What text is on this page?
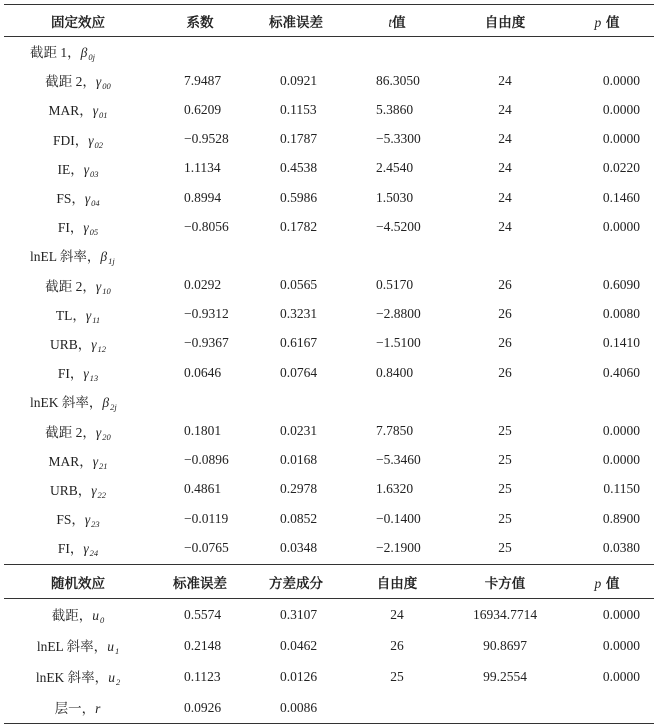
固定效应	系数	标准误差	t值	自由度	p 值
截距 1，$\beta_{0j}$					
截距 2，$\gamma_{00}$	7.9487	0.0921	86.3050	24	0.0000
MAR，$\gamma_{01}$	0.6209	0.1153	5.3860	24	0.0000
FDI，$\gamma_{02}$	−0.9528	0.1787	−5.3300	24	0.0000
IE，$\gamma_{03}$	1.1134	0.4538	2.4540	24	0.0220
FS，$\gamma_{04}$	0.8994	0.5986	1.5030	24	0.1460
FI，$\gamma_{05}$	−0.8056	0.1782	−4.5200	24	0.0000
lnEL 斜率，$\beta_{1j}$					
截距 2，$\gamma_{10}$	0.0292	0.0565	0.5170	26	0.6090
TL，$\gamma_{11}$	−0.9312	0.3231	−2.8800	26	0.0080
URB，$\gamma_{12}$	−0.9367	0.6167	−1.5100	26	0.1410
FI，$\gamma_{13}$	0.0646	0.0764	0.8400	26	0.4060
lnEK 斜率，$\beta_{2j}$					
截距 2，$\gamma_{20}$	0.1801	0.0231	7.7850	25	0.0000
MAR，$\gamma_{21}$	−0.0896	0.0168	−5.3460	25	0.0000
URB，$\gamma_{22}$	0.4861	0.2978	1.6320	25	0.1150
FS，$\gamma_{23}$	−0.0119	0.0852	−0.1400	25	0.8900
FI，$\gamma_{24}$	−0.0765	0.0348	−2.1900	25	0.0380
随机效应	标准误差	方差成分	自由度	卡方值	p 值
截距，$u_0$	0.5574	0.3107	24	16934.7714	0.0000
lnEL 斜率，$u_1$	0.2148	0.0462	26	90.8697	0.0000
lnEK 斜率，$u_2$	0.1123	0.0126	25	99.2554	0.0000
层一，r	0.0926	0.0086			
